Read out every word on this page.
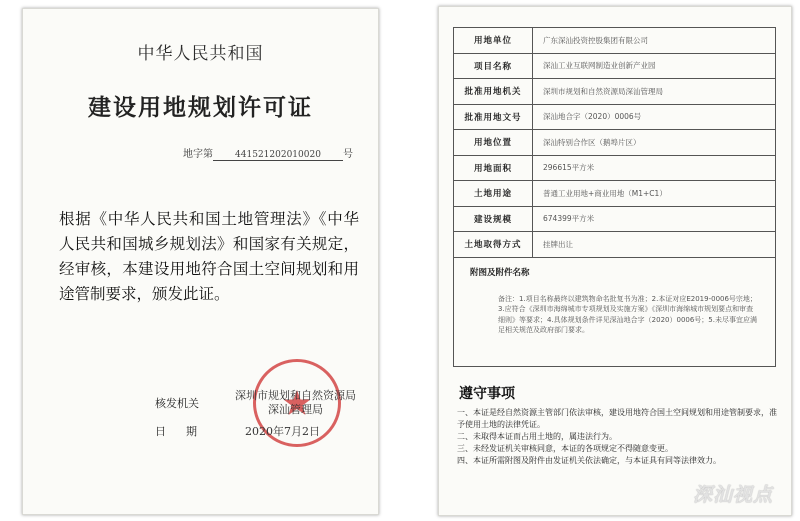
中华人民共和国
建设用地规划许可证
地字第 441521202010020 号
根据《中华人民共和国土地管理法》《中华人民共和国城乡规划法》和国家有关规定，经审核，本建设用地符合国土空间规划和用途管制要求，颁发此证。
核发机关
深圳市规划和自然资源局深汕管理局
日期	2020年7月2日
用地单位	广东深汕投资控股集团有限公司
项目名称	深汕工业互联网制造业创新产业园
批准用地机关	深圳市规划和自然资源局深汕管理局
批准用地文号	深汕地合字（2020）0006号
用地位置	深汕特别合作区（鹅埠片区）
用地面积	296615平方米
土地用途	普通工业用地+商业用地（M1+C1）
建设规模	674399平方米
土地取得方式	挂牌出让
附图及附件名称
备注：1.项目名称最终以建筑物命名批复书为准；2.本证对应E2019-0006号宗地；3.应符合《深圳市海绵城市专项规划及实施方案》《深圳市海绵城市规划要点和审查细则》等要求；4.具体规划条件详见深汕地合字（2020）0006号；5.未尽事宜应满足相关规范及政府部门要求。
遵守事项
一、本证是经自然资源主管部门依法审核，建设用地符合国土空间规划和用途管制要求，准予使用土地的法律凭证。
二、未取得本证而占用土地的，属违法行为。
三、未经发证机关审核同意，本证的各项规定不得随意变更。
四、本证所需附图及附件由发证机关依法确定，与本证具有同等法律效力。
深汕视点
